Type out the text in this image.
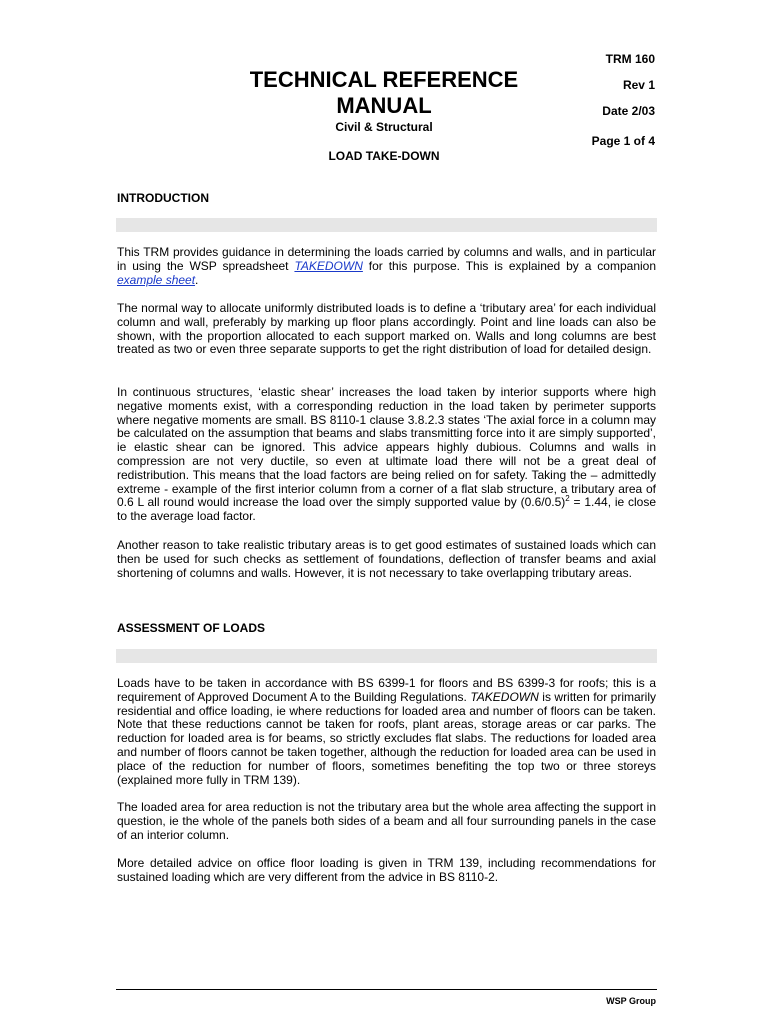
TRM 160
Rev 1
Date 2/03
Page 1 of 4
TECHNICAL REFERENCE
MANUAL
Civil & Structural
LOAD TAKE-DOWN
INTRODUCTION
This TRM provides guidance in determining the loads carried by columns and walls, and in particular in using the WSP spreadsheet TAKEDOWN for this purpose. This is explained by a companion example sheet.
The normal way to allocate uniformly distributed loads is to define a ‘tributary area’ for each individual column and wall, preferably by marking up floor plans accordingly. Point and line loads can also be shown, with the proportion allocated to each support marked on. Walls and long columns are best treated as two or even three separate supports to get the right distribution of load for detailed design.
In continuous structures, ‘elastic shear’ increases the load taken by interior supports where high negative moments exist, with a corresponding reduction in the load taken by perimeter supports where negative moments are small. BS 8110-1 clause 3.8.2.3 states ‘The axial force in a column may be calculated on the assumption that beams and slabs transmitting force into it are simply supported’, ie elastic shear can be ignored. This advice appears highly dubious. Columns and walls in compression are not very ductile, so even at ultimate load there will not be a great deal of redistribution. This means that the load factors are being relied on for safety. Taking the – admittedly extreme - example of the first interior column from a corner of a flat slab structure, a tributary area of 0.6 L all round would increase the load over the simply supported value by $(0.6/0.5)^2 = 1.44$, ie close to the average load factor.
Another reason to take realistic tributary areas is to get good estimates of sustained loads which can then be used for such checks as settlement of foundations, deflection of transfer beams and axial shortening of columns and walls. However, it is not necessary to take overlapping tributary areas.
ASSESSMENT OF LOADS
Loads have to be taken in accordance with BS 6399-1 for floors and BS 6399-3 for roofs; this is a requirement of Approved Document A to the Building Regulations. TAKEDOWN is written for primarily residential and office loading, ie where reductions for loaded area and number of floors can be taken. Note that these reductions cannot be taken for roofs, plant areas, storage areas or car parks. The reduction for loaded area is for beams, so strictly excludes flat slabs. The reductions for loaded area and number of floors cannot be taken together, although the reduction for loaded area can be used in place of the reduction for number of floors, sometimes benefiting the top two or three storeys (explained more fully in TRM 139).
The loaded area for area reduction is not the tributary area but the whole area affecting the support in question, ie the whole of the panels both sides of a beam and all four surrounding panels in the case of an interior column.
More detailed advice on office floor loading is given in TRM 139, including recommendations for sustained loading which are very different from the advice in BS 8110-2.
WSP Group
